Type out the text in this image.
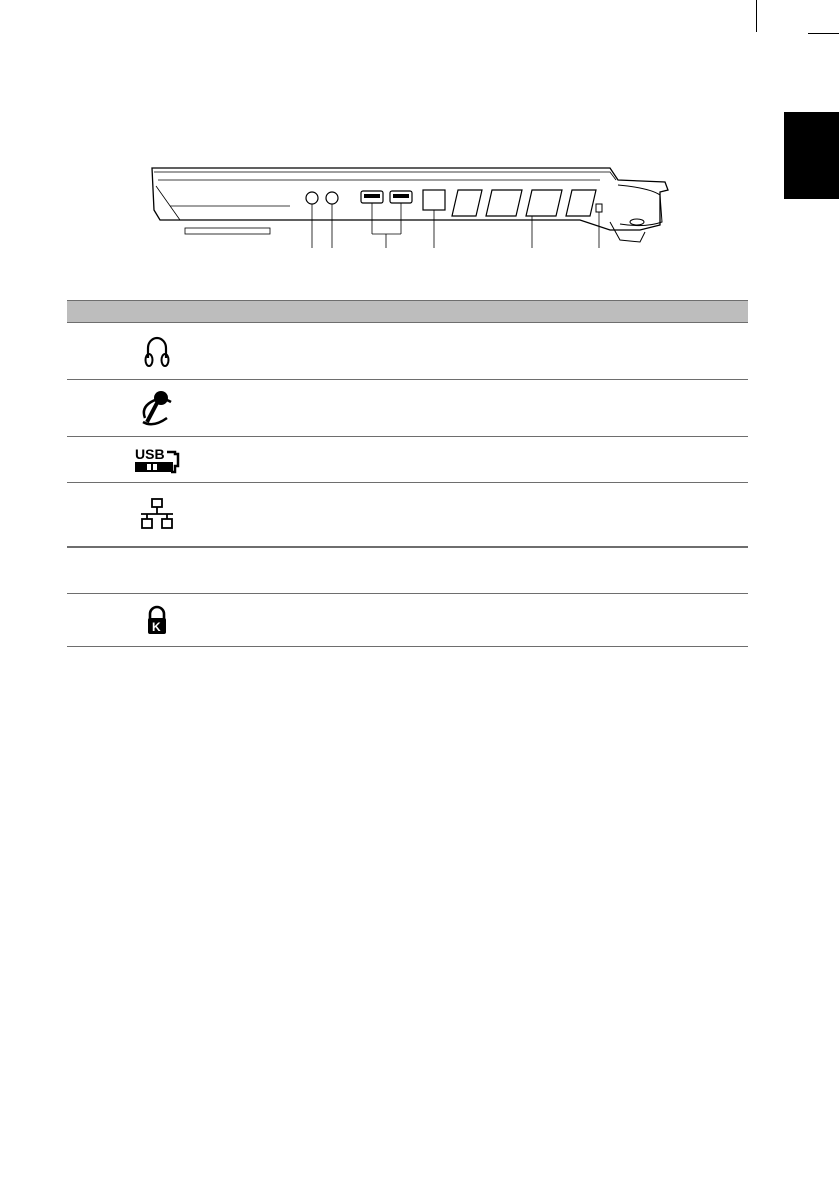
USB	

K	
